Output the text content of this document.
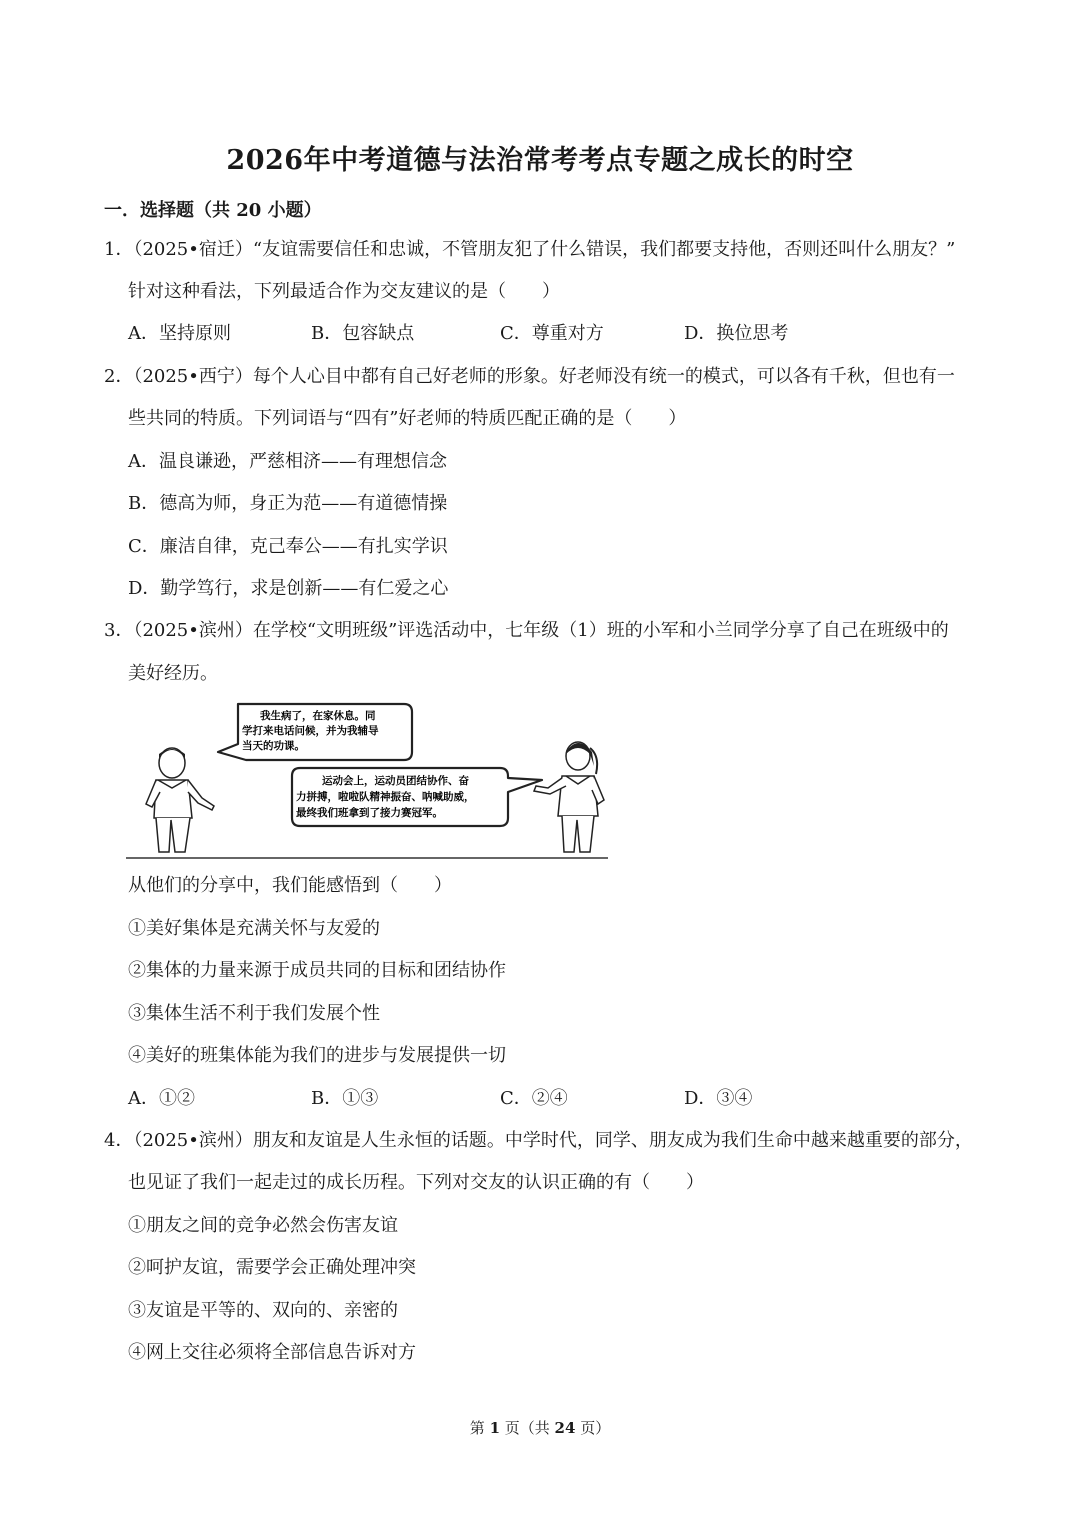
2026年中考道德与法治常考考点专题之成长的时空
一．选择题（共 20 小题）
1．（2025•宿迁）“友谊需要信任和忠诚，不管朋友犯了什么错误，我们都要支持他，否则还叫什么朋友？”
针对这种看法，下列最适合作为交友建议的是（　　）
A．坚持原则	B．包容缺点	C．尊重对方	D．换位思考
2．（2025•西宁）每个人心目中都有自己好老师的形象。好老师没有统一的模式，可以各有千秋，但也有一
些共同的特质。下列词语与“四有”好老师的特质匹配正确的是（　　）
A．温良谦逊，严慈相济——有理想信念
B．德高为师，身正为范——有道德情操
C．廉洁自律，克己奉公——有扎实学识
D．勤学笃行，求是创新——有仁爱之心
3．（2025•滨州）在学校“文明班级”评选活动中，七年级（1）班的小军和小兰同学分享了自己在班级中的
美好经历。
我生病了，在家休息。同
学打来电话问候，并为我辅导
当天的功课。
运动会上，运动员团结协作、奋
力拼搏，啦啦队精神振奋、呐喊助威，
最终我们班拿到了接力赛冠军。
从他们的分享中，我们能感悟到（　　）
①美好集体是充满关怀与友爱的
②集体的力量来源于成员共同的目标和团结协作
③集体生活不利于我们发展个性
④美好的班集体能为我们的进步与发展提供一切
A．①②	B．①③	C．②④	D．③④
4．（2025•滨州）朋友和友谊是人生永恒的话题。中学时代，同学、朋友成为我们生命中越来越重要的部分，
也见证了我们一起走过的成长历程。下列对交友的认识正确的有（　　）
①朋友之间的竞争必然会伤害友谊
②呵护友谊，需要学会正确处理冲突
③友谊是平等的、双向的、亲密的
④网上交往必须将全部信息告诉对方
第 1 页（共 24 页）
